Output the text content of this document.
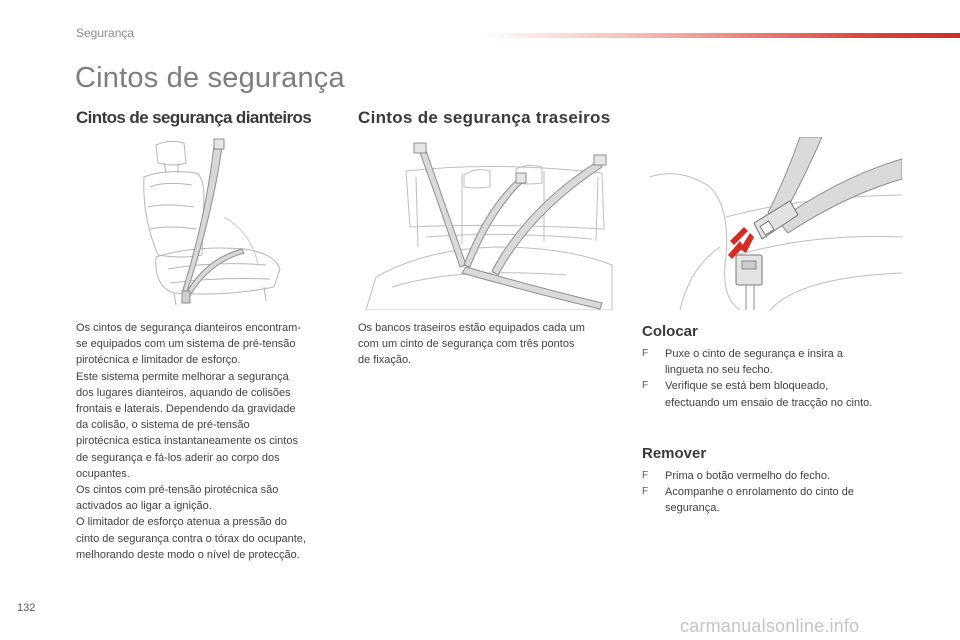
Segurança
Cintos de segurança
Cintos de segurança dianteiros	Cintos de segurança traseiros
Os cintos de segurança dianteiros encontram-
se equipados com um sistema de pré-tensão
pirotécnica e limitador de esforço.
Este sistema permite melhorar a segurança
dos lugares dianteiros, aquando de colisões
frontais e laterais. Dependendo da gravidade
da colisão, o sistema de pré-tensão
pirotécnica estica instantaneamente os cintos
de segurança e fá-los aderir ao corpo dos
ocupantes.
Os cintos com pré-tensão pirotécnica são
activados ao ligar a ignição.
O limitador de esforço atenua a pressão do
cinto de segurança contra o tórax do ocupante,
melhorando deste modo o nível de protecção.
Os bancos traseiros estão equipados cada um
com um cinto de segurança com três pontos
de fixação.
Colocar
F Puxe o cinto de segurança e insira a
lingueta no seu fecho.
F Verifique se está bem bloqueado,
efectuando um ensaio de tracção no cinto.
Remover
F Prima o botão vermelho do fecho.
F Acompanhe o enrolamento do cinto de
segurança.
132
carmanualsonline.info
